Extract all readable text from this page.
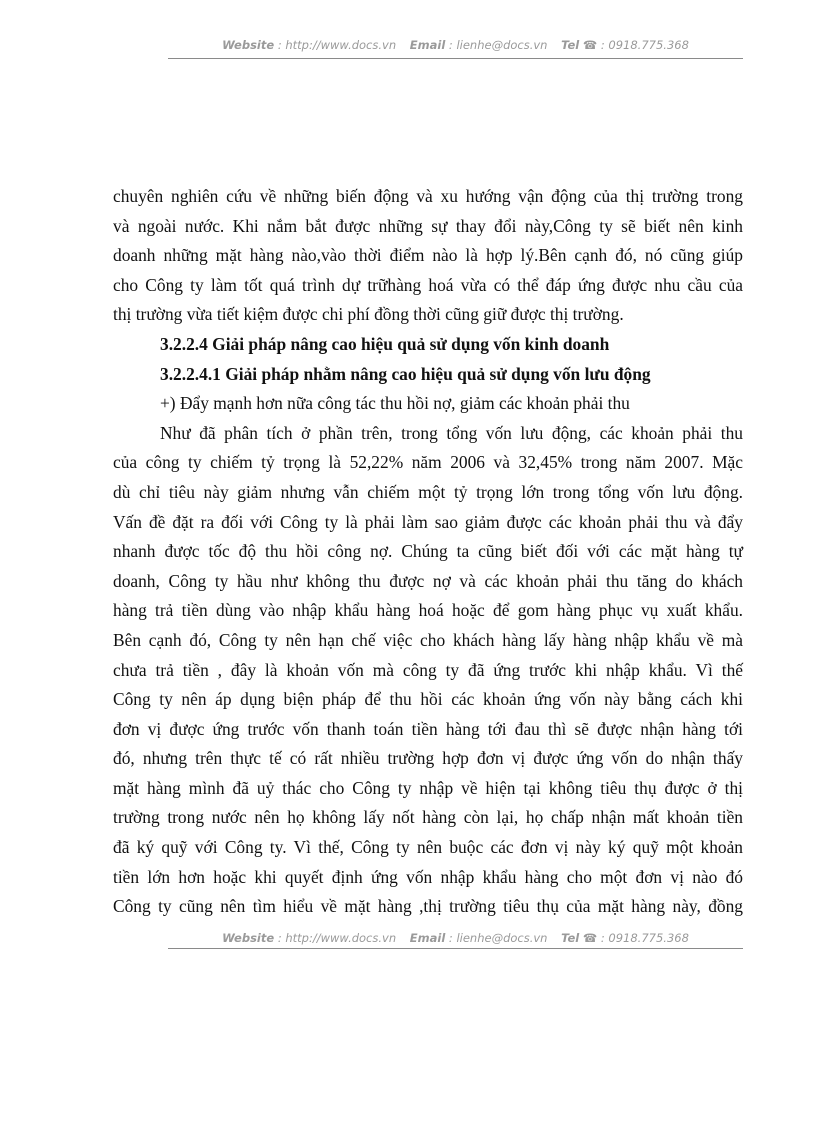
Website : http://www.docs.vn Email : lienhe@docs.vn Tel ☎ : 0918.775.368

chuyên nghiên cứu về những biến động và xu hướng vận động của thị trường trong

và ngoài nước. Khi nắm bắt được những sự thay đổi này,Công ty sẽ biết nên kinh

doanh những mặt hàng nào,vào thời điểm nào là hợp lý.Bên cạnh đó, nó cũng giúp

cho Công ty làm tốt quá trình dự trữhàng hoá vừa có thể đáp ứng được nhu cầu của

thị trường vừa tiết kiệm được chi phí đồng thời cũng giữ được thị trường.

3.2.2.4 Giải pháp nâng cao hiệu quả sử dụng vốn kinh doanh

3.2.2.4.1 Giải pháp nhằm nâng cao hiệu quả sử dụng vốn lưu động

+) Đẩy mạnh hơn nữa công tác thu hồi nợ, giảm các khoản phải thu

Như đã phân tích ở phần trên, trong tổng vốn lưu động, các khoản phải thu

của công ty chiếm tỷ trọng là 52,22% năm 2006 và 32,45% trong năm 2007. Mặc

dù chỉ tiêu này giảm nhưng vẫn chiếm một tỷ trọng lớn trong tổng vốn lưu động.

Vấn đề đặt ra đối với Công ty là phải làm sao giảm được các khoản phải thu và đẩy

nhanh được tốc độ thu hồi công nợ. Chúng ta cũng biết đối với các mặt hàng tự

doanh, Công ty hầu như không thu được nợ và các khoản phải thu tăng do khách

hàng trả tiền dùng vào nhập khẩu hàng hoá hoặc để gom hàng phục vụ xuất khẩu.

Bên cạnh đó, Công ty nên hạn chế việc cho khách hàng lấy hàng nhập khẩu về mà

chưa trả tiền , đây là khoản vốn mà công ty đã ứng trước khi nhập khẩu. Vì thế

Công ty nên áp dụng biện pháp để thu hồi các khoản ứng vốn này bằng cách khi

đơn vị được ứng trước vốn thanh toán tiền hàng tới đau thì sẽ được nhận hàng tới

đó, nhưng trên thực tế có rất nhiều trường hợp đơn vị được ứng vốn do nhận thấy

mặt hàng mình đã uỷ thác cho Công ty nhập về hiện tại không tiêu thụ được ở thị

trường trong nước nên họ không lấy nốt hàng còn lại, họ chấp nhận mất khoản tiền

đã ký quỹ với Công ty. Vì thế, Công ty nên buộc các đơn vị này ký quỹ một khoản

tiền lớn hơn hoặc khi quyết định ứng vốn nhập khẩu hàng cho một đơn vị nào đó

Công ty cũng nên tìm hiểu về mặt hàng ,thị trường tiêu thụ của mặt hàng này, đồng

Website : http://www.docs.vn Email : lienhe@docs.vn Tel ☎ : 0918.775.368
